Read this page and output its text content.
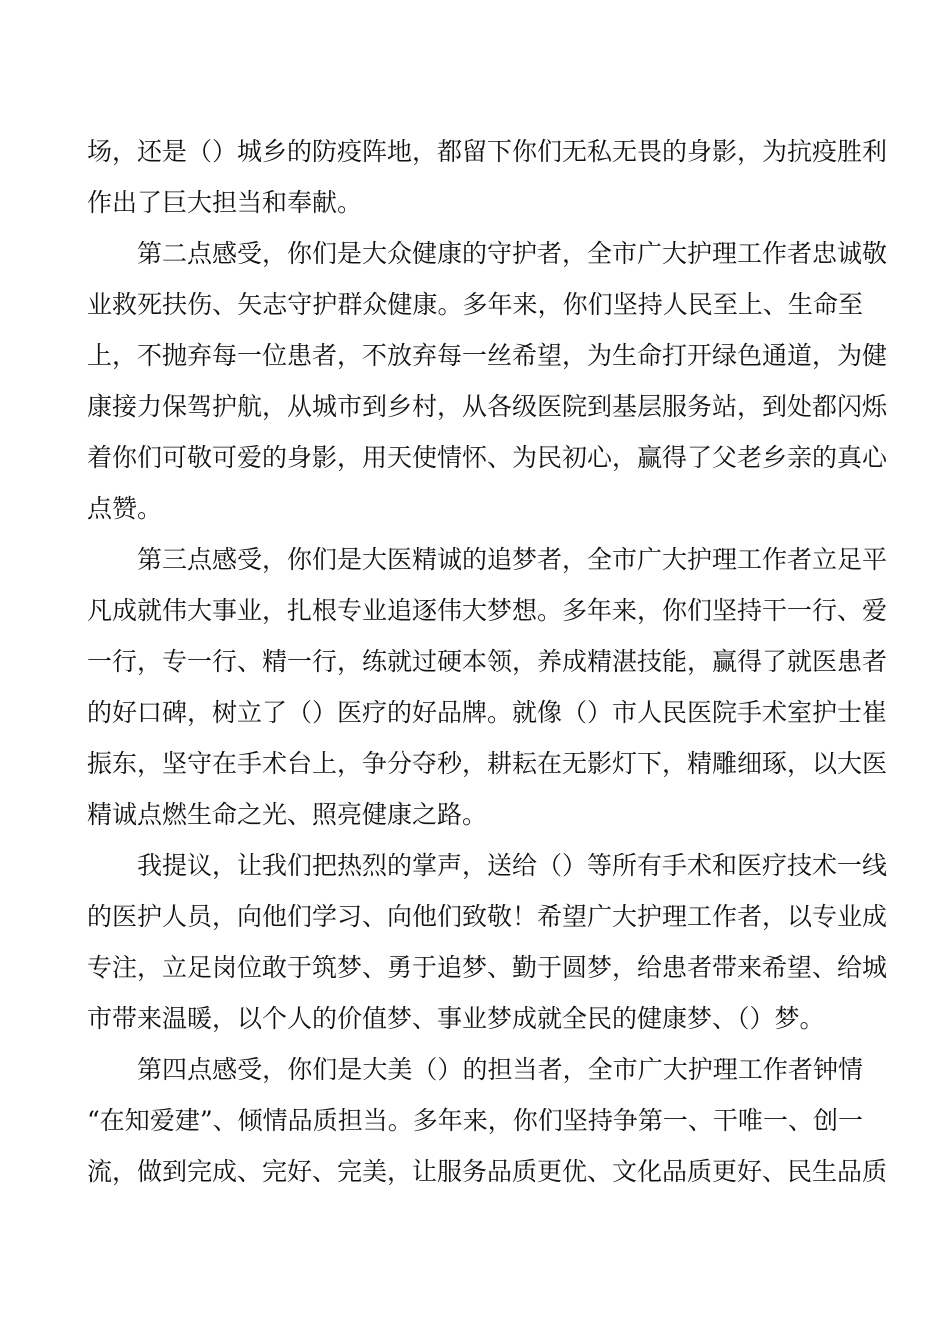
场，还是（）城乡的防疫阵地，都留下你们无私无畏的身影，为抗疫胜利
作出了巨大担当和奉献。
第二点感受，你们是大众健康的守护者，全市广大护理工作者忠诚敬
业救死扶伤、矢志守护群众健康。多年来，你们坚持人民至上、生命至
上，不抛弃每一位患者，不放弃每一丝希望，为生命打开绿色通道，为健
康接力保驾护航，从城市到乡村，从各级医院到基层服务站，到处都闪烁
着你们可敬可爱的身影，用天使情怀、为民初心，赢得了父老乡亲的真心
点赞。
第三点感受，你们是大医精诚的追梦者，全市广大护理工作者立足平
凡成就伟大事业，扎根专业追逐伟大梦想。多年来，你们坚持干一行、爱
一行，专一行、精一行，练就过硬本领，养成精湛技能，赢得了就医患者
的好口碑，树立了（）医疗的好品牌。就像（）市人民医院手术室护士崔
振东，坚守在手术台上，争分夺秒，耕耘在无影灯下，精雕细琢，以大医
精诚点燃生命之光、照亮健康之路。
我提议，让我们把热烈的掌声，送给（）等所有手术和医疗技术一线
的医护人员，向他们学习、向他们致敬！希望广大护理工作者，以专业成
专注，立足岗位敢于筑梦、勇于追梦、勤于圆梦，给患者带来希望、给城
市带来温暖，以个人的价值梦、事业梦成就全民的健康梦、（）梦。
第四点感受，你们是大美（）的担当者，全市广大护理工作者钟情
“在知爱建”、倾情品质担当。多年来，你们坚持争第一、干唯一、创一
流，做到完成、完好、完美，让服务品质更优、文化品质更好、民生品质
